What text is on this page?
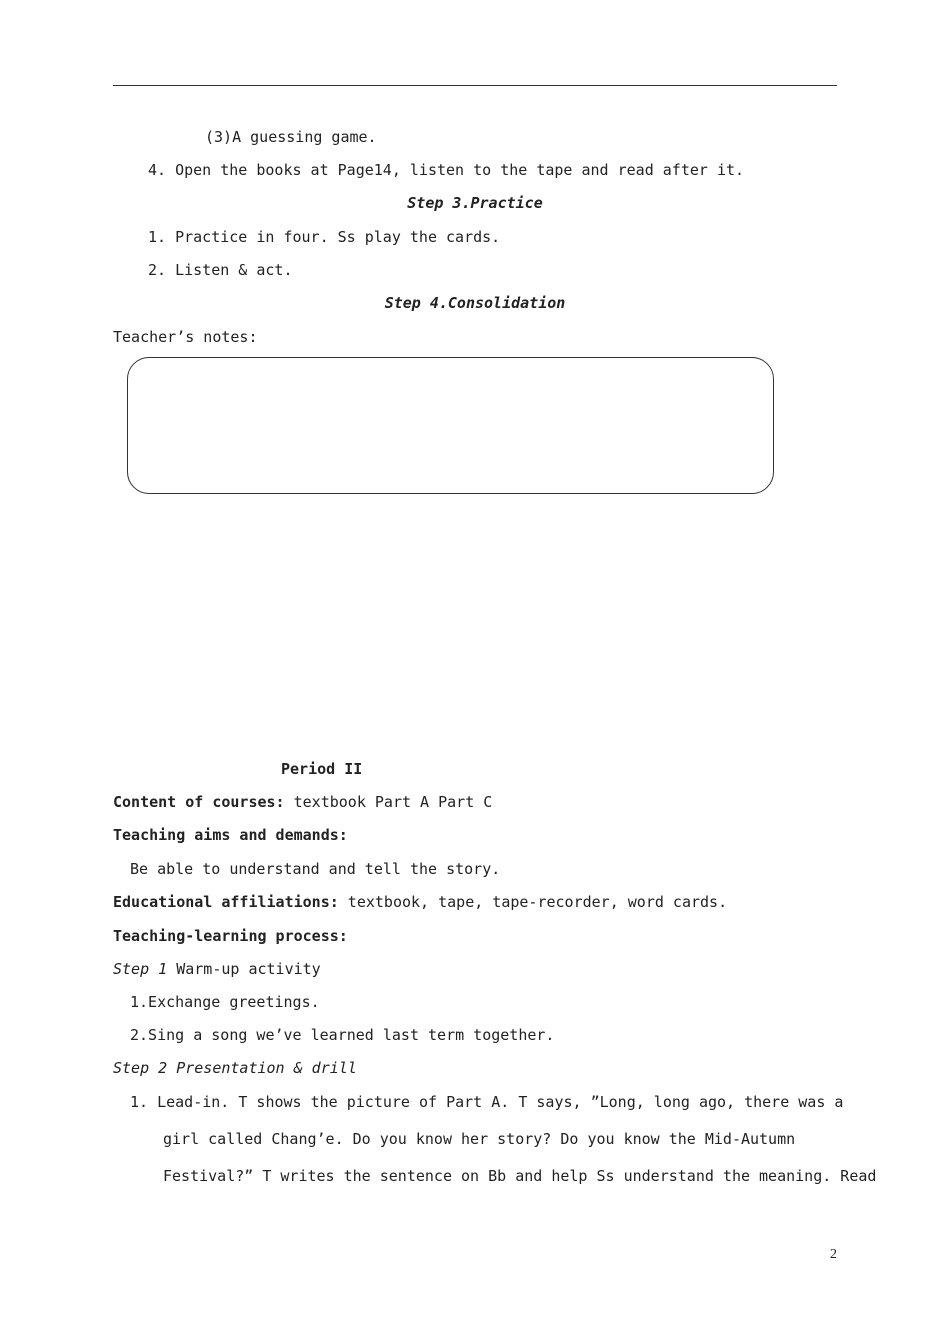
(3)A guessing game.
4. Open the books at Page14, listen to the tape and read after it.
Step 3.Practice
1. Practice in four. Ss play the cards.
2. Listen & act.
Step 4.Consolidation
Teacher’s notes:
Period II
Content of courses: textbook Part A Part C
Teaching aims and demands:
Be able to understand and tell the story.
Educational affiliations: textbook, tape, tape-recorder, word cards.
Teaching-learning process:
Step 1 Warm-up activity
1.Exchange greetings.
2.Sing a song we’ve learned last term together.
Step 2 Presentation & drill
1. Lead-in. T shows the picture of Part A. T says, ”Long, long ago, there was a
girl called Chang’e. Do you know her story? Do you know the Mid-Autumn
Festival?” T writes the sentence on Bb and help Ss understand the meaning. Read
2
